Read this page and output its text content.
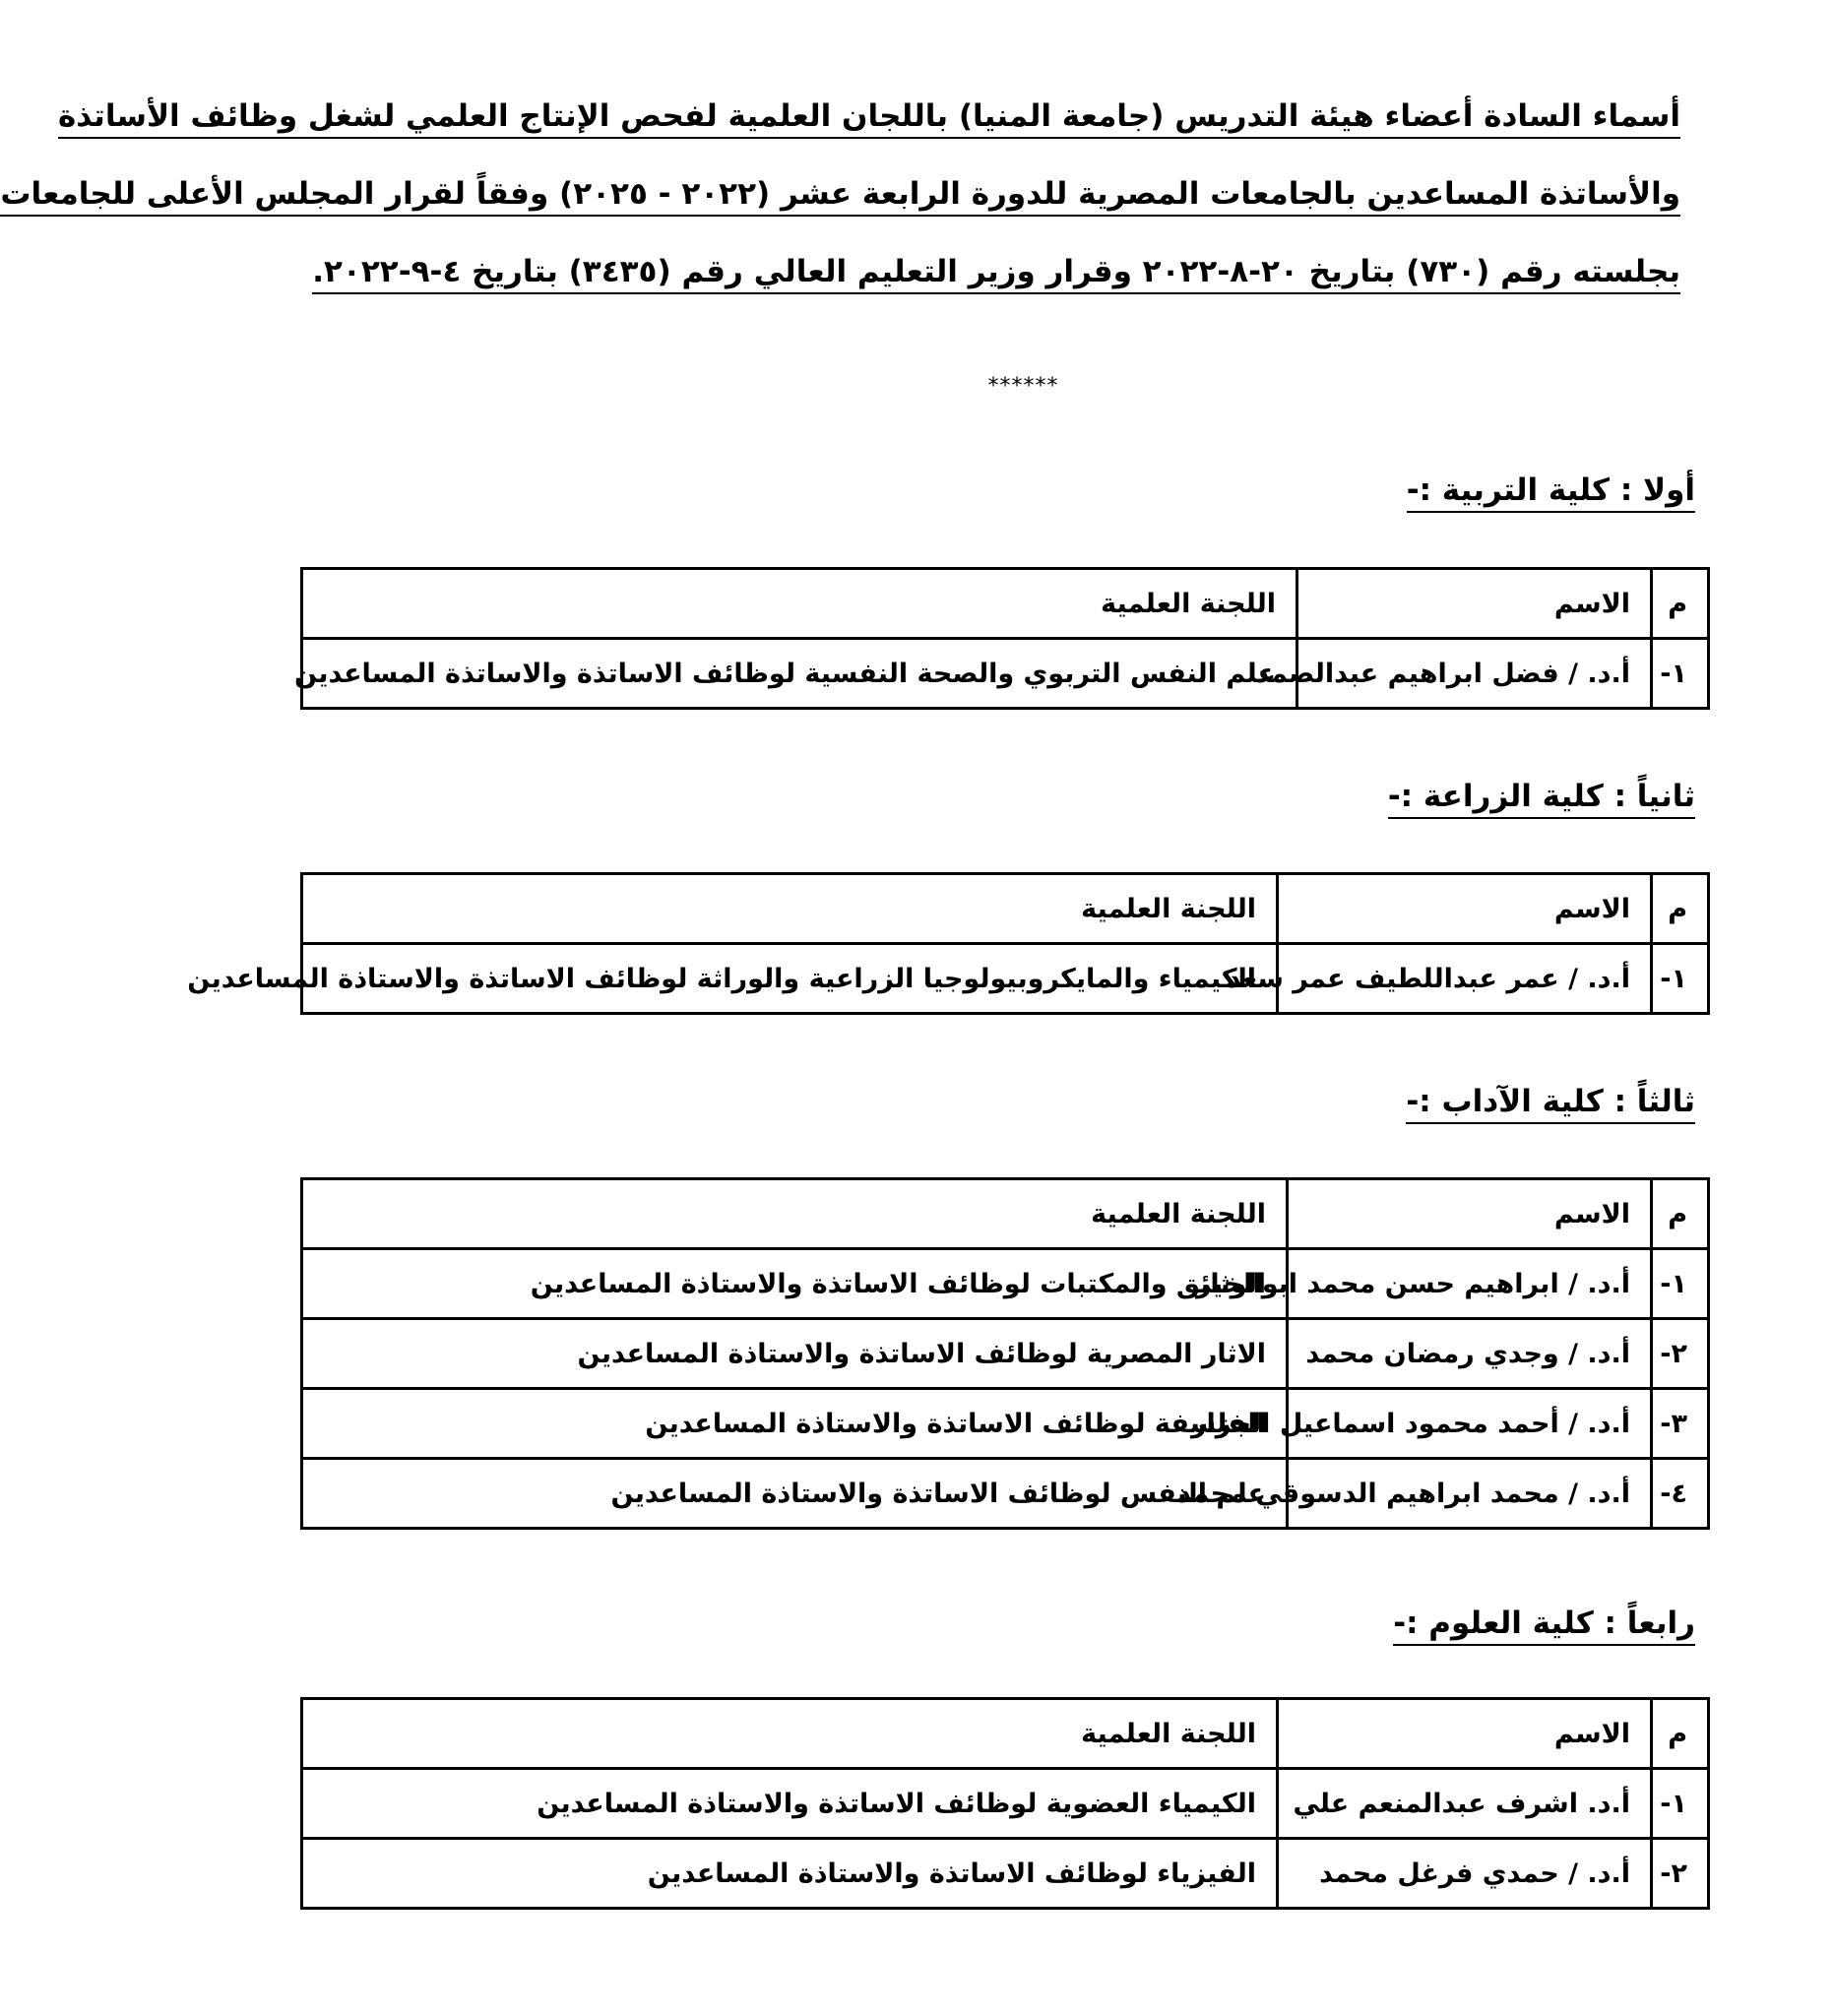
أسماء السادة أعضاء هيئة التدريس (جامعة المنيا) باللجان العلمية لفحص الإنتاج العلمي لشغل وظائف الأساتذة
والأساتذة المساعدين بالجامعات المصرية للدورة الرابعة عشر (٢٠٢٢ - ٢٠٢٥) وفقاً لقرار المجلس الأعلى للجامعات
بجلسته رقم (٧٣٠) بتاريخ ٢٠-٨-٢٠٢٢ وقرار وزير التعليم العالي رقم (٣٤٣٥) بتاريخ ٤-٩-٢٠٢٢.
******
أولا : كلية التربية :-
م	الاسم	اللجنة العلمية
١-	أ.د. / فضل ابراهيم عبدالصمد	علم النفس التربوي والصحة النفسية لوظائف الاساتذة والاساتذة المساعدين
ثانياً : كلية الزراعة :-
م	الاسم	اللجنة العلمية
١-	أ.د. / عمر عبداللطيف عمر سعد	الكيمياء والمايكروبيولوجيا الزراعية والوراثة لوظائف الاساتذة والاستاذة المساعدين
ثالثاً : كلية الآداب :-
م	الاسم	اللجنة العلمية
١-	أ.د. / ابراهيم حسن محمد ابوالخير	الوثائق والمكتبات لوظائف الاساتذة والاستاذة المساعدين
٢-	أ.د. / وجدي رمضان محمد	الاثار المصرية لوظائف الاساتذة والاستاذة المساعدين
٣-	أ.د. / أحمد محمود اسماعيل الجزار	الفلسفة لوظائف الاساتذة والاستاذة المساعدين
٤-	أ.د. / محمد ابراهيم الدسوقي محمد	علم النفس لوظائف الاساتذة والاستاذة المساعدين
رابعاً : كلية العلوم :-
م	الاسم	اللجنة العلمية
١-	أ.د. اشرف عبدالمنعم علي	الكيمياء العضوية لوظائف الاساتذة والاستاذة المساعدين
٢-	أ.د. / حمدي فرغل محمد	الفيزياء لوظائف الاساتذة والاستاذة المساعدين
